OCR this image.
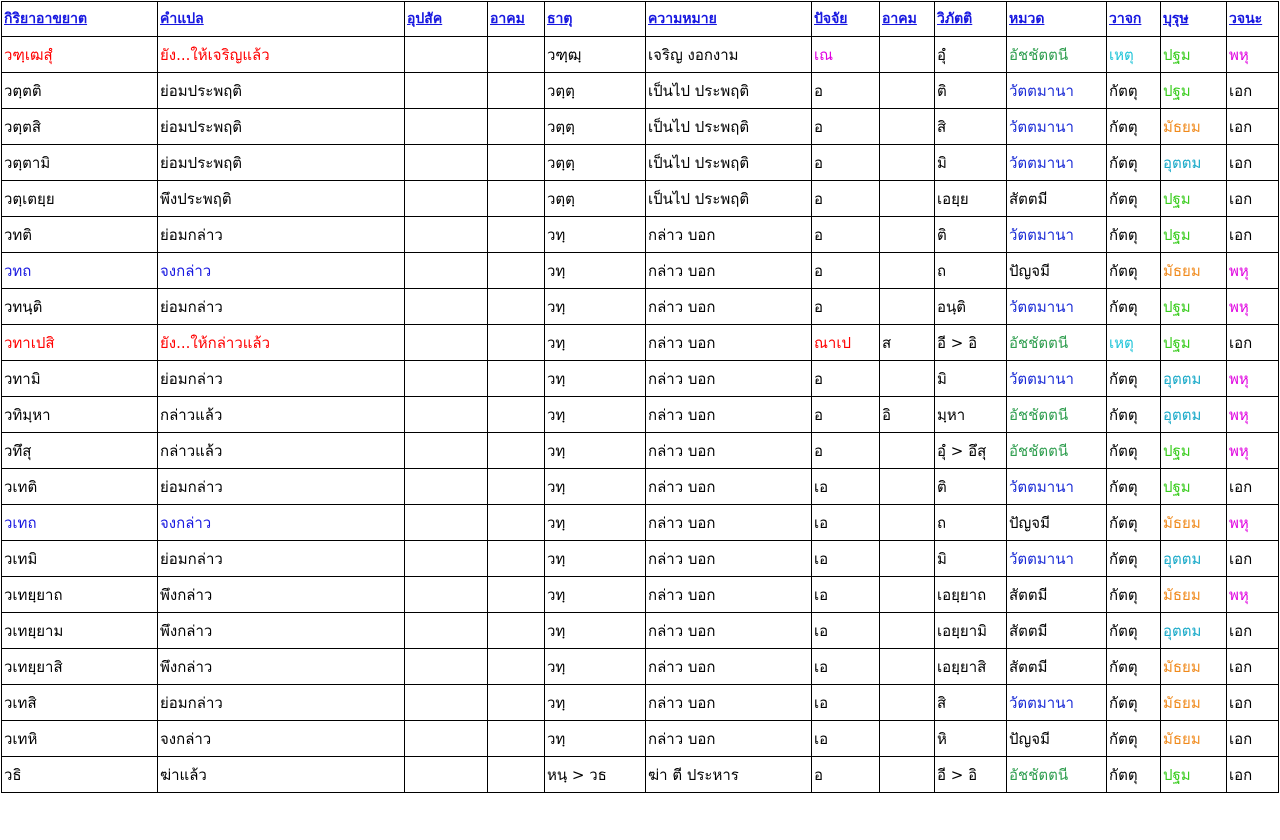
กิริยาอาขยาต	คำแปล	อุปสัค	อาคม	ธาตุ	ความหมาย	ปัจจัย	อาคม	วิภัตติ	หมวด	วาจก	บุรุษ	วจนะ
วฑฺเฒสุํ	ยัง...ให้เจริญแล้ว			วฑฺฒฺ	เจริญ งอกงาม	เณ		อุํ	อัชชัตตนี	เหตุ	ปฐม	พหุ
วตฺตติ	ย่อมประพฤติ			วตฺตฺ	เป็นไป ประพฤติ	อ		ติ	วัตตมานา	กัตตุ	ปฐม	เอก
วตฺตสิ	ย่อมประพฤติ			วตฺตฺ	เป็นไป ประพฤติ	อ		สิ	วัตตมานา	กัตตุ	มัธยม	เอก
วตฺตามิ	ย่อมประพฤติ			วตฺตฺ	เป็นไป ประพฤติ	อ		มิ	วัตตมานา	กัตตุ	อุตตม	เอก
วตฺเตยฺย	พึงประพฤติ			วตฺตฺ	เป็นไป ประพฤติ	อ		เอยฺย	สัตตมี	กัตตุ	ปฐม	เอก
วทติ	ย่อมกล่าว			วทฺ	กล่าว บอก	อ		ติ	วัตตมานา	กัตตุ	ปฐม	เอก
วทถ	จงกล่าว			วทฺ	กล่าว บอก	อ		ถ	ปัญจมี	กัตตุ	มัธยม	พหุ
วทนฺติ	ย่อมกล่าว			วทฺ	กล่าว บอก	อ		อนฺติ	วัตตมานา	กัตตุ	ปฐม	พหุ
วทาเปสิ	ยัง...ให้กล่าวแล้ว			วทฺ	กล่าว บอก	ณาเป	ส	อี > อิ	อัชชัตตนี	เหตุ	ปฐม	เอก
วทามิ	ย่อมกล่าว			วทฺ	กล่าว บอก	อ		มิ	วัตตมานา	กัตตุ	อุตตม	พหุ
วทิมฺหา	กล่าวแล้ว			วทฺ	กล่าว บอก	อ	อิ	มฺหา	อัชชัตตนี	กัตตุ	อุตตม	พหุ
วทึสุ	กล่าวแล้ว			วทฺ	กล่าว บอก	อ		อุํ > อึสุ	อัชชัตตนี	กัตตุ	ปฐม	พหุ
วเทติ	ย่อมกล่าว			วทฺ	กล่าว บอก	เอ		ติ	วัตตมานา	กัตตุ	ปฐม	เอก
วเทถ	จงกล่าว			วทฺ	กล่าว บอก	เอ		ถ	ปัญจมี	กัตตุ	มัธยม	พหุ
วเทมิ	ย่อมกล่าว			วทฺ	กล่าว บอก	เอ		มิ	วัตตมานา	กัตตุ	อุตตม	เอก
วเทยฺยาถ	พึงกล่าว			วทฺ	กล่าว บอก	เอ		เอยฺยาถ	สัตตมี	กัตตุ	มัธยม	พหุ
วเทยฺยาม	พึงกล่าว			วทฺ	กล่าว บอก	เอ		เอยฺยามิ	สัตตมี	กัตตุ	อุตตม	เอก
วเทยฺยาสิ	พึงกล่าว			วทฺ	กล่าว บอก	เอ		เอยฺยาสิ	สัตตมี	กัตตุ	มัธยม	เอก
วเทสิ	ย่อมกล่าว			วทฺ	กล่าว บอก	เอ		สิ	วัตตมานา	กัตตุ	มัธยม	เอก
วเทหิ	จงกล่าว			วทฺ	กล่าว บอก	เอ		หิ	ปัญจมี	กัตตุ	มัธยม	เอก
วธิ	ฆ่าแล้ว			หนฺ > วธ	ฆ่า ตี ประหาร	อ		อี > อิ	อัชชัตตนี	กัตตุ	ปฐม	เอก
